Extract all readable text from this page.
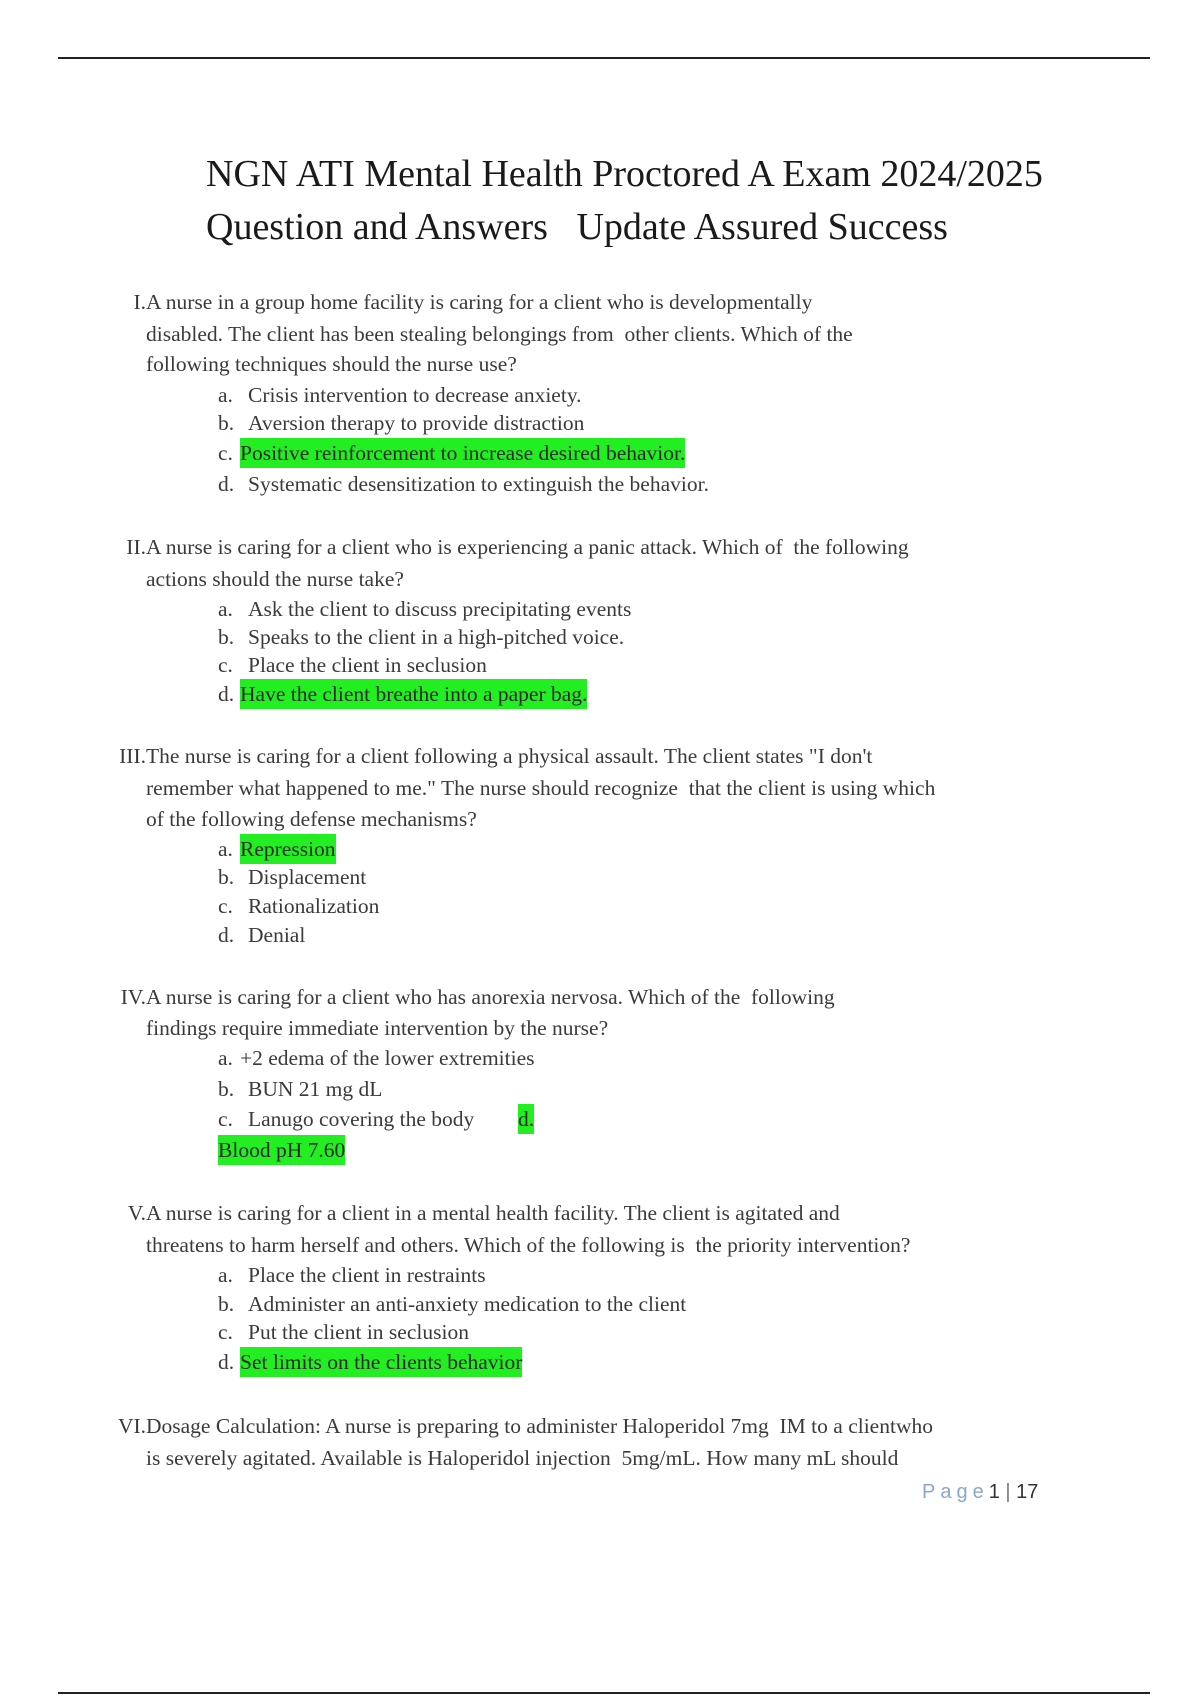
NGN ATI Mental Health Proctored A Exam 2024/2025
Question and Answers   Update Assured Success
I. A nurse in a group home facility is caring for a client who is developmentally
disabled. The client has been stealing belongings from  other clients. Which of the
following techniques should the nurse use?
a. Crisis intervention to decrease anxiety.
b. Aversion therapy to provide distraction
c. Positive reinforcement to increase desired behavior.
d. Systematic desensitization to extinguish the behavior.
II. A nurse is caring for a client who is experiencing a panic attack. Which of  the following
actions should the nurse take?
a. Ask the client to discuss precipitating events
b. Speaks to the client in a high-pitched voice.
c. Place the client in seclusion
d. Have the client breathe into a paper bag.
III. The nurse is caring for a client following a physical assault. The client states "I don't
remember what happened to me." The nurse should recognize  that the client is using which
of the following defense mechanisms?
a. Repression
b. Displacement
c. Rationalization
d. Denial
IV. A nurse is caring for a client who has anorexia nervosa. Which of the  following
findings require immediate intervention by the nurse?
a. +2 edema of the lower extremities
b. BUN 21 mg dL
c. Lanugo covering the body d.
Blood pH 7.60
V. A nurse is caring for a client in a mental health facility. The client is agitated and
threatens to harm herself and others. Which of the following is  the priority intervention?
a. Place the client in restraints
b. Administer an anti-anxiety medication to the client
c. Put the client in seclusion
d. Set limits on the clients behavior
VI. Dosage Calculation: A nurse is preparing to administer Haloperidol 7mg  IM to a clientwho
is severely agitated. Available is Haloperidol injection  5mg/mL. How many mL should
Page1 | 17
